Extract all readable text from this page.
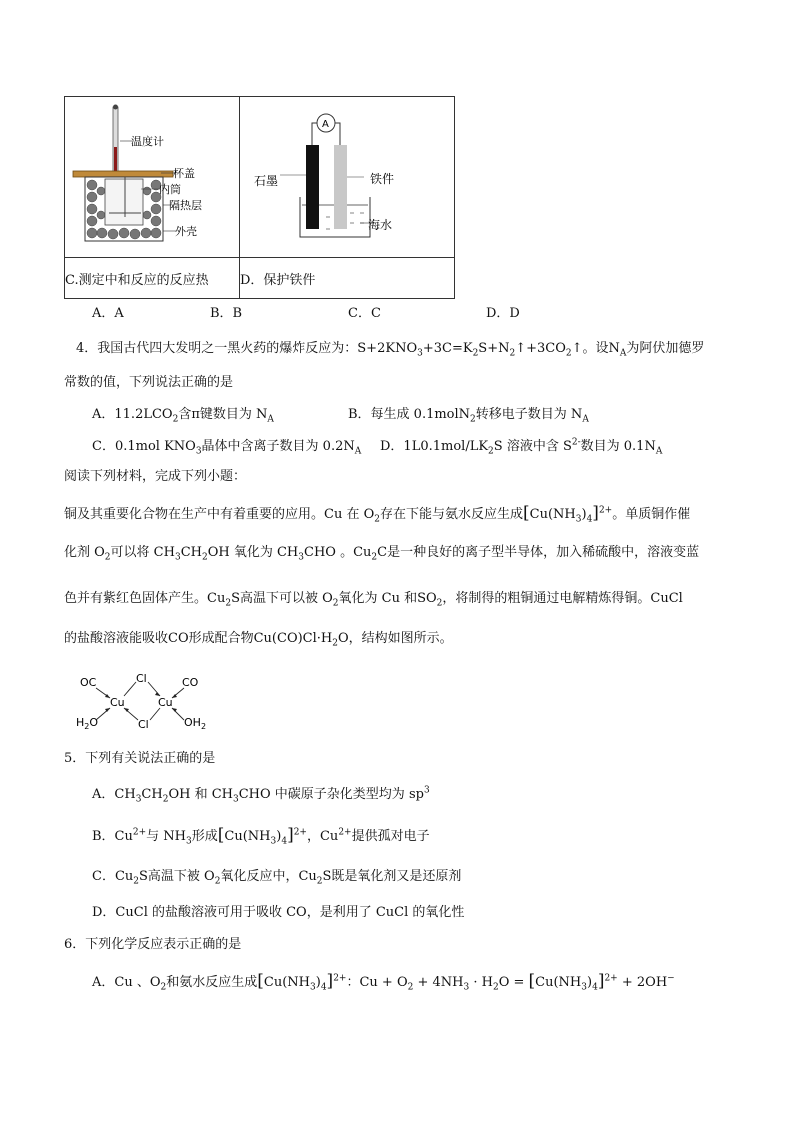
温度计
杯盖
内筒
隔热层
外壳	A
石墨 铁件
海水

C.测定中和反应的反应热	D．保护铁件
A．A	B．B	C．C	D．D
4．我国古代四大发明之一黑火药的爆炸反应为：$S+2KNO_3+3C=K_2S+N_2↑+3CO_2↑$。设$N_A$为阿伏加德罗
常数的值，下列说法正确的是
A．$11.2LCO_2$含π键数目为 $N_A$	B．每生成 0.1molN$_2$转移电子数目为 $N_A$
C．0.1mol $KNO_3$晶体中含离子数目为 $0.2N_A$ D．$1L0.1mol/LK_2S$ 溶液中含 $S^{2-}$数目为 $0.1N_A$
阅读下列材料，完成下列小题：
铜及其重要化合物在生产中有着重要的应用。Cu 在 $O_2$存在下能与氨水反应生成$[Cu(NH_3)_4]^{2+}$。单质铜作催
化剂 $O_2$可以将 $CH_3CH_2OH$ 氧化为 $CH_3CHO$ 。$Cu_2C$是一种良好的离子型半导体，加入稀硫酸中，溶液变蓝
色并有紫红色固体产生。$Cu_2S$高温下可以被 $O_2$氧化为 Cu 和$SO_2$，将制得的粗铜通过电解精炼得铜。CuCl
的盐酸溶液能吸收CO形成配合物$Cu(CO)Cl\cdot H_2O$，结构如图所示。
OC	CO
Cl
Cl
Cu	Cu
$H_2O$	$OH_2$
5．下列有关说法正确的是
A．$CH_3CH_2OH$ 和 $CH_3CHO$ 中碳原子杂化类型均为 $sp^3$
B．$Cu^{2+}$与 $NH_3$形成$[Cu(NH_3)_4]^{2+}$，$Cu^{2+}$提供孤对电子
C．$Cu_2S$高温下被 $O_2$氧化反应中，$Cu_2S$既是氧化剂又是还原剂
D．CuCl 的盐酸溶液可用于吸收 CO，是利用了 CuCl 的氧化性
6．下列化学反应表示正确的是
A．Cu 、$O_2$和氨水反应生成$[Cu(NH_3)_4]^{2+}$：$Cu + O_2 + 4NH_3 \cdot H_2O = [Cu(NH_3)_4]^{2+} + 2OH^-$
